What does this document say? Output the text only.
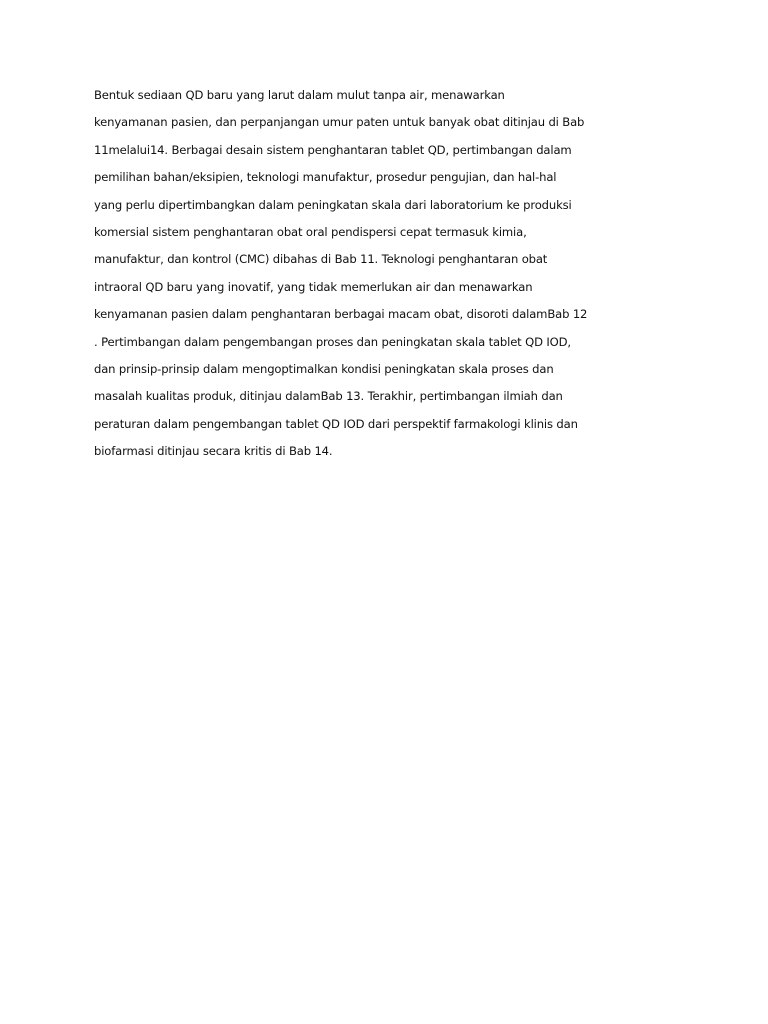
Bentuk sediaan QD baru yang larut dalam mulut tanpa air, menawarkan
kenyamanan pasien, dan perpanjangan umur paten untuk banyak obat ditinjau di Bab
11melalui14. Berbagai desain sistem penghantaran tablet QD, pertimbangan dalam
pemilihan bahan/eksipien, teknologi manufaktur, prosedur pengujian, dan hal-hal
yang perlu dipertimbangkan dalam peningkatan skala dari laboratorium ke produksi
komersial sistem penghantaran obat oral pendispersi cepat termasuk kimia,
manufaktur, dan kontrol (CMC) dibahas di Bab 11. Teknologi penghantaran obat
intraoral QD baru yang inovatif, yang tidak memerlukan air dan menawarkan
kenyamanan pasien dalam penghantaran berbagai macam obat, disoroti dalamBab 12
. Pertimbangan dalam pengembangan proses dan peningkatan skala tablet QD IOD,
dan prinsip-prinsip dalam mengoptimalkan kondisi peningkatan skala proses dan
masalah kualitas produk, ditinjau dalamBab 13. Terakhir, pertimbangan ilmiah dan
peraturan dalam pengembangan tablet QD IOD dari perspektif farmakologi klinis dan
biofarmasi ditinjau secara kritis di Bab 14.
